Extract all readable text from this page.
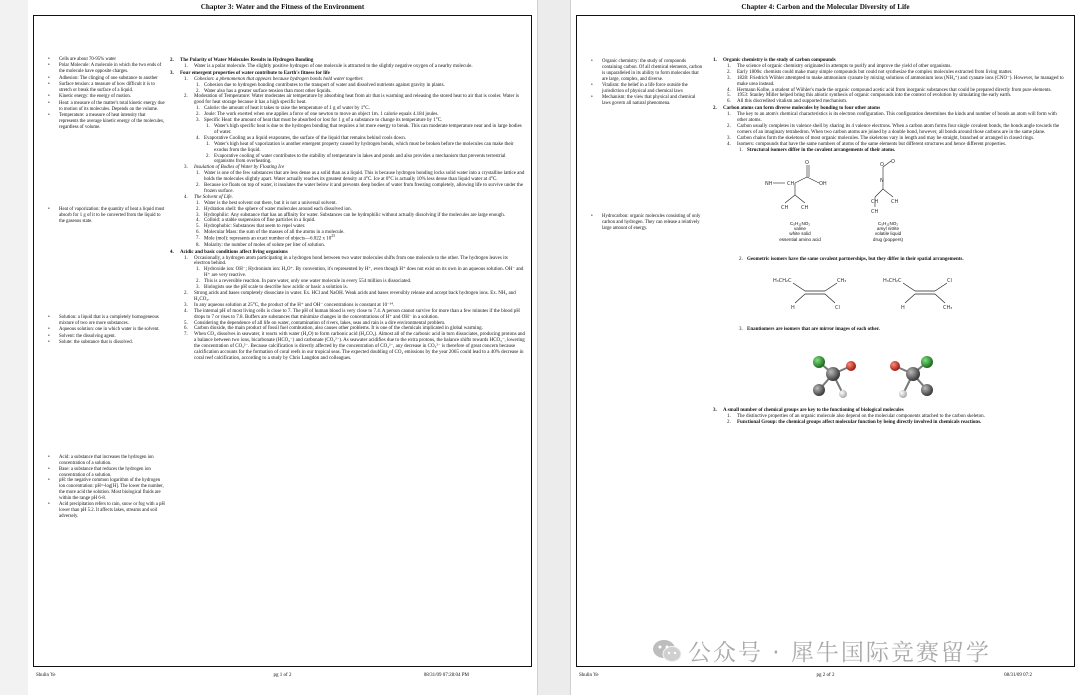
Chapter 3: Water and the Fitness of the Environment
• Cells are about 70-95% water
• Polar Molecule: A molecule in which the two ends of the molecule have opposite charges.
• Adhesion: The clinging of one substance to another
• Surface tension: a measure of how difficult it is to stretch or break the surface of a liquid.
• Kinetic energy: the energy of motion.
• Heat: a measure of the matter's total kinetic energy due to motion of its molecules. Depends on the volume.
• Temperature: a measure of heat intensity that represents the average kinetic energy of the molecules, regardless of volume.
• Heat of vaporization: the quantity of heat a liquid must absorb for 1 g of it to be converted from the liquid to the gaseous state.
• Solution: a liquid that is a completely homogeneous mixture of two ore more substances.
• Aqueous solution: one in which water is the solvent.
• Solvent: the dissolving agent.
• Solute: the substance that is dissolved.
• Acid: a substance that increases the hydrogen ion concentration of a solution.
• Base: a substance that reduces the hydrogen ion concentration of a solution.
• pH: the negative common logarithm of the hydrogen ion concentration: pH=-log[H]. The lower the number, the more acid the solution. Most biological fluids are within the range pH 6-8.
• Acid precipitation refers to rain, snow or fog with a pH lower than pH 5.2. It affects lakes, streams and soil adversely.
2. The Polarity of Water Molecules Results in Hydrogen Bonding
1. Water is a polar molecule. The slightly positive hydrogen of one molecule is attracted to the slightly negative oxygen of a nearby molecule.
3. Four emergent properties of water contribute to Earth's fitness for life
1. Cohesion: a phenomenon that appears because hydrogen bonds hold water together.
1. Cohesion due to hydrogen bonding contributes to the transport of water and dissolved nutrients against gravity in plants.
2. Water also has a greater surface tension than most other liquids.
2. Moderation of Temperature: Water moderates air temperature by absorbing heat from air that is warming and releasing the stored heat to air that is cooler. Water is good for heat storage because it has a high specific heat.
1. Calorie: the amount of heat it takes to raise the temperature of 1 g of water by 1°C.
2. Joule: The work exerted when one applies a force of one newton to move an object 1m. 1 calorie equals 4.184 joules.
3. Specific Heat: the amount of heat that must be absorbed or lost for 1 g of a substance to change its temperature by 1°C.
1. Water's high specific heat is due to the hydrogen bonding that requires a lot more energy to break. This can moderate temperature near and in large bodies of water.
4. Evaporative Cooling as a liquid evaporates, the surface of the liquid that remains behind cools down.
1. Water's high heat of vaporization is another emergent property caused by hydrogen bonds, which must be broken before the molecules can make their exodus from the liquid.
2. Evaporative cooling of water contributes to the stability of temperature in lakes and ponds and also provides a mechanism that prevents terrestrial organisms from overheating.
3. Insulation of Bodies of Water by Floating Ice
1. Water is one of the few substances that are less dense as a solid than as a liquid. This is because hydrogen bonding locks solid water into a crystalline lattice and holds the molecules slightly apart. Water actually reaches its greatest density at 4°C. Ice at 0°C is actually 10% less dense than liquid water at 4°C.
2. Because ice floats on top of water, it insulates the water below it and prevents deep bodies of water from freezing completely, allowing life to survive under the frozen surface.
4. The Solvent of Life.
1. Water is the best solvent out there, but it is not a universal solvent.
2. Hydration shell: the sphere of water molecules around each dissolved ion.
3. Hydrophilic: Any substance that has an affinity for water. Substances can be hydrophilic without actually dissolving if the molecules are large enough.
4. Colloid: a stable suspension of fine particles in a liquid.
5. Hydrophobic: Substances that seem to repel water.
6. Molecular Mass: the sum of the masses of all the atoms in a molecule.
7. Mole (mol): represents an exact number of objects—6.022 x $10^{23}$
8. Molarity: the number of moles of solute per liter of solution.
4. Acidic and basic conditions affect living organisms
1. Occasionally, a hydrogen atom participating in a hydrogen bond between two water molecules shifts from one molecule to the other. The hydrogen leaves its electron behind.
1. Hydroxide ion: OH⁻; Hydronium ion: H₃O⁺. By convention, it's represented by H⁺, even though H⁺ does not exist on its own in an aqueous solution. OH⁻ and H⁺ are very reactive.
2. This is a reversible reaction. In pure water, only one water molecule in every 554 million is dissociated.
3. Biologists use the pH scale to describe how acidic or basic a solution is.
2. Strong acids and bases completely dissociate in water. Ex. HCl and NaOH. Weak acids and bases reversibly release and accept back hydrogen ions. Ex. NH₃ and H₂CO₃.
3. In any aqueous solution at 25°C, the product of the H⁺ and OH⁻ concentrations is constant at 10⁻¹⁴.
4. The internal pH of most living cells is close to 7. The pH of human blood is very close to 7.4. A person cannot survive for more than a few minutes if the blood pH drops to 7 or rises to 7.8. Buffers are substances that minimize changes in the concentrations of H⁺ and OH⁻ in a solution.
5. Considering the dependence of all life on water, contamination of rivers, lakes, seas and rain is a dire environmental problem.
6. Carbon dioxide, the main product of fossil fuel combustion, also causes other problems. It is one of the chemicals implicated in global warming.
7. When CO₂ dissolves in seawater, it reacts with water (H₂O) to form carbonic acid (H₂CO₃). Almost all of the carbonic acid in turn dissociates, producing protons and a balance between two ions, bicarbonate (HCO₃⁻) and carbonate (CO₃²⁻). As seawater acidifies due to the extra protons, the balance shifts towards HCO₃⁻, lowering the concentration of CO₃²⁻. Because calcification is directly affected by the concentration of CO₃²⁻, any decrease in CO₃²⁻ is therefore of great concern because calcification accounts for the formation of coral reefs in our tropical seas. The expected doubling of CO₂ emissions by the year 2065 could lead to a 40% decrease in coral reef calcification, according to a study by Chris Langdon and colleagues.
Shulin Ye	pg 1 of 2	08/31/09 07:28:04 PM
Chapter 4: Carbon and the Molecular Diversity of Life
• Organic chemistry: the study of compounds containing carbon. Of all chemical elements, carbon is unparalleled in its ability to form molecules that are large, complex, and diverse.
• Vitalism: the belief in a life force outside the jurisdiction of physical and chemical laws
• Mechanism: the view that physical and chemical laws govern all natural phenomena.
• Hydrocarbon: organic molecules consisting of only carbon and hydrogen. They can release a relatively large amount of energy.
1. Organic chemistry is the study of carbon compounds
1. The science of organic chemistry originated in attempts to purify and improve the yield of other organisms.
2. Early 1800s: chemists could make many simple compounds but could not synthesize the complex molecules extracted from living matter.
3. 1828: Friedrich Wöhler attempted to make ammonium cyanate by mixing solutions of ammonium ions (NH₄⁺) and cyanate ions (CNO⁻). However, he managed to make urea instead.
4. Hermann Kolbe, a student of Wöhler's made the organic compound acetic acid from inorganic substances that could be prepared directly from pure elements.
5. 1953: Stanley Miller helped bring this abiotic synthesis of organic compounds into the context of evolution by simulating the early earth.
6. All this discredited vitalism and supported mechanism.
2. Carbon atoms can form diverse molecules by bonding to four other atoms
1. The key to an atom's chemical characteristics is its electron configuration. This configuration determines the kinds and number of bonds an atom will form with other atoms.
2. Carbon usually completes its valence shell by sharing its 4 valence electrons. When a carbon atom forms four single covalent bonds, the bonds angle towards the corners of an imaginary tetrahedron. When two carbon atoms are joined by a double bond, however, all bonds around those carbons are in the same plane.
3. Carbon chains form the skeletons of most organic molecules. The skeletons vary in length and may be straight, branched or arranged in closed rings.
4. Isomers: compounds that have the same numbers of atoms of the same elements but different structures and hence different properties.
1. Structural isomers differ in the covalent arrangements of their atoms.
CH
NH
O
OH
CH	CH
O O
N
CH	CH
CH
C₅H₁₁NO₂
valine
white solid
essential amino acid
C₅H₁₁NO₂
amyl nitrite
volatile liquid
drug (poppers)
2. Geometric isomers have the same covalent partnerships, but they differ in their spatial arrangements.
H₃CH₂C	CH₃
H	Cl
H₃CH₂C	Cl
H	CH₃
3. Enantiomers are isomers that are mirror images of each other.
3. A small number of chemical groups are key to the functioning of biological molecules
1. The distinctive properties of an organic molecule also depend on the molecular components attached to the carbon skeleton.
2. Functional Group: the chemical groups affect molecular function by being directly involved in chemicals reactions.
Shulin Ye	pg 2 of 2	08/31/09 07:2
公众号 · 犀牛国际竞赛留学
